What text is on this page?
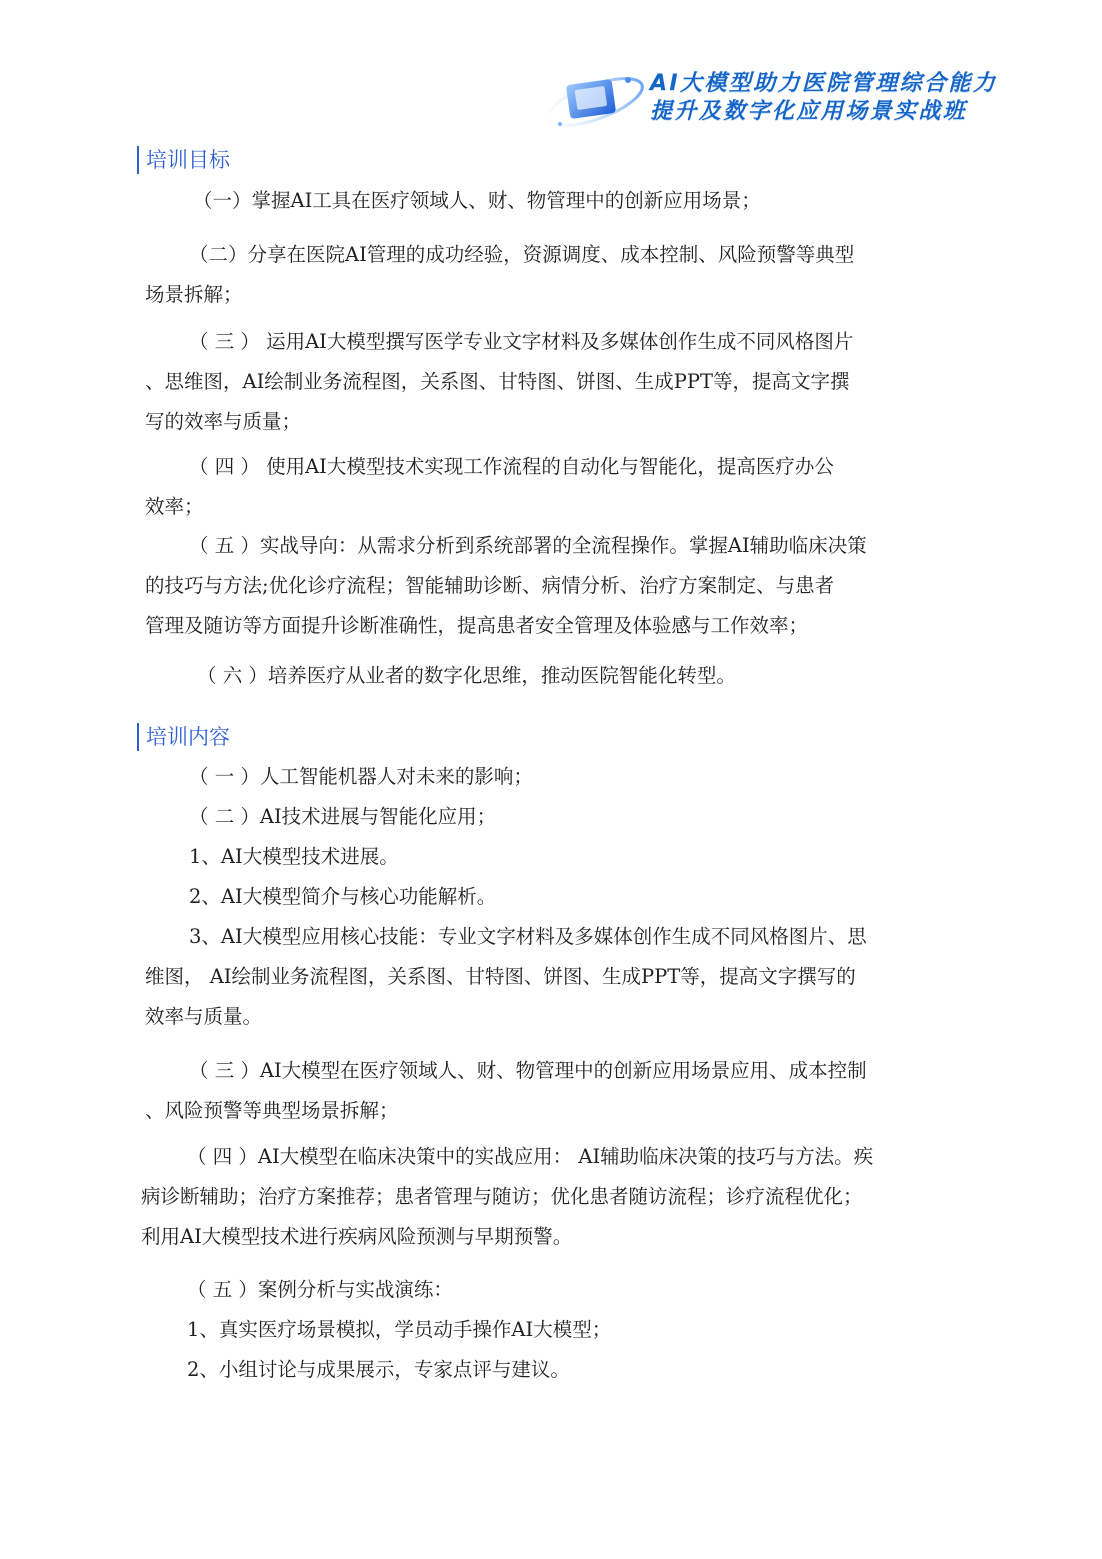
AI大模型助力医院管理综合能力
提升及数字化应用场景实战班
培训目标

（一）掌握AI工具在医疗领域人、财、物管理中的创新应用场景；

（二）分享在医院AI管理的成功经验，资源调度、成本控制、风险预警等典型
场景拆解；

（ 三 ） 运用AI大模型撰写医学专业文字材料及多媒体创作生成不同风格图片
、思维图，AI绘制业务流程图，关系图、甘特图、饼图、生成PPT等，提高文字撰
写的效率与质量；

（ 四 ） 使用AI大模型技术实现工作流程的自动化与智能化，提高医疗办公
效率；

（ 五 ）实战导向：从需求分析到系统部署的全流程操作。掌握AI辅助临床决策
的技巧与方法;优化诊疗流程；智能辅助诊断、病情分析、治疗方案制定、与患者
管理及随访等方面提升诊断准确性，提高患者安全管理及体验感与工作效率；

（ 六 ）培养医疗从业者的数字化思维，推动医院智能化转型。

培训内容

（ 一 ）人工智能机器人对未来的影响；

（ 二 ）AI技术进展与智能化应用；

1、AI大模型技术进展。

2、AI大模型简介与核心功能解析。

3、AI大模型应用核心技能：专业文字材料及多媒体创作生成不同风格图片、思
维图， AI绘制业务流程图，关系图、甘特图、饼图、生成PPT等，提高文字撰写的
效率与质量。

（ 三 ）AI大模型在医疗领域人、财、物管理中的创新应用场景应用、成本控制
、风险预警等典型场景拆解；

（ 四 ）AI大模型在临床决策中的实战应用： AI辅助临床决策的技巧与方法。疾
病诊断辅助；治疗方案推荐；患者管理与随访；优化患者随访流程；诊疗流程优化；
利用AI大模型技术进行疾病风险预测与早期预警。

（ 五 ）案例分析与实战演练：

1、真实医疗场景模拟，学员动手操作AI大模型；

2、小组讨论与成果展示，专家点评与建议。
